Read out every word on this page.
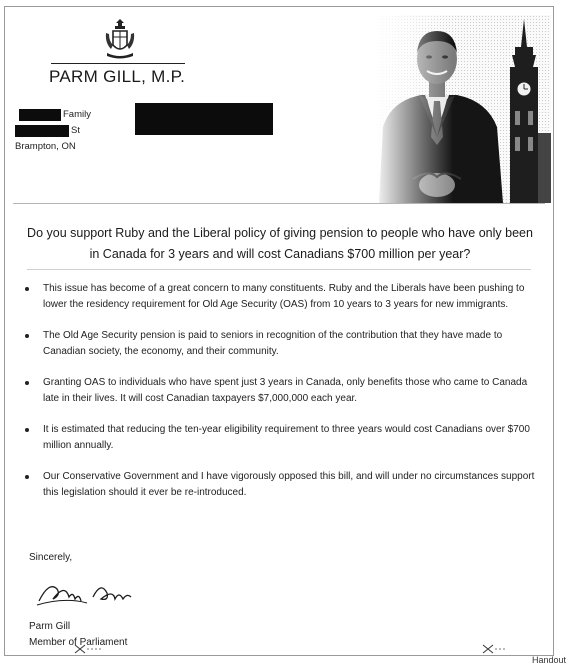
PARM GILL, M.P.
Family
St
Brampton, ON
Do you support Ruby and the Liberal policy of giving pension to people who have only been in Canada for 3 years and will cost Canadians $700 million per year?
This issue has become of a great concern to many constituents. Ruby and the Liberals have been pushing to lower the residency requirement for Old Age Security (OAS) from 10 years to 3 years for new immigrants.
The Old Age Security pension is paid to seniors in recognition of the contribution that they have made to Canadian society, the economy, and their community.
Granting OAS to individuals who have spent just 3 years in Canada, only benefits those who came to Canada late in their lives. It will cost Canadian taxpayers $7,000,000 each year.
It is estimated that reducing the ten-year eligibility requirement to three years would cost Canadians over $700 million annually.
Our Conservative Government and I have vigorously opposed this bill, and will under no circumstances support this legislation should it ever be re-introduced.
Sincerely,
Parm Gill
Member of Parliament
Handout
